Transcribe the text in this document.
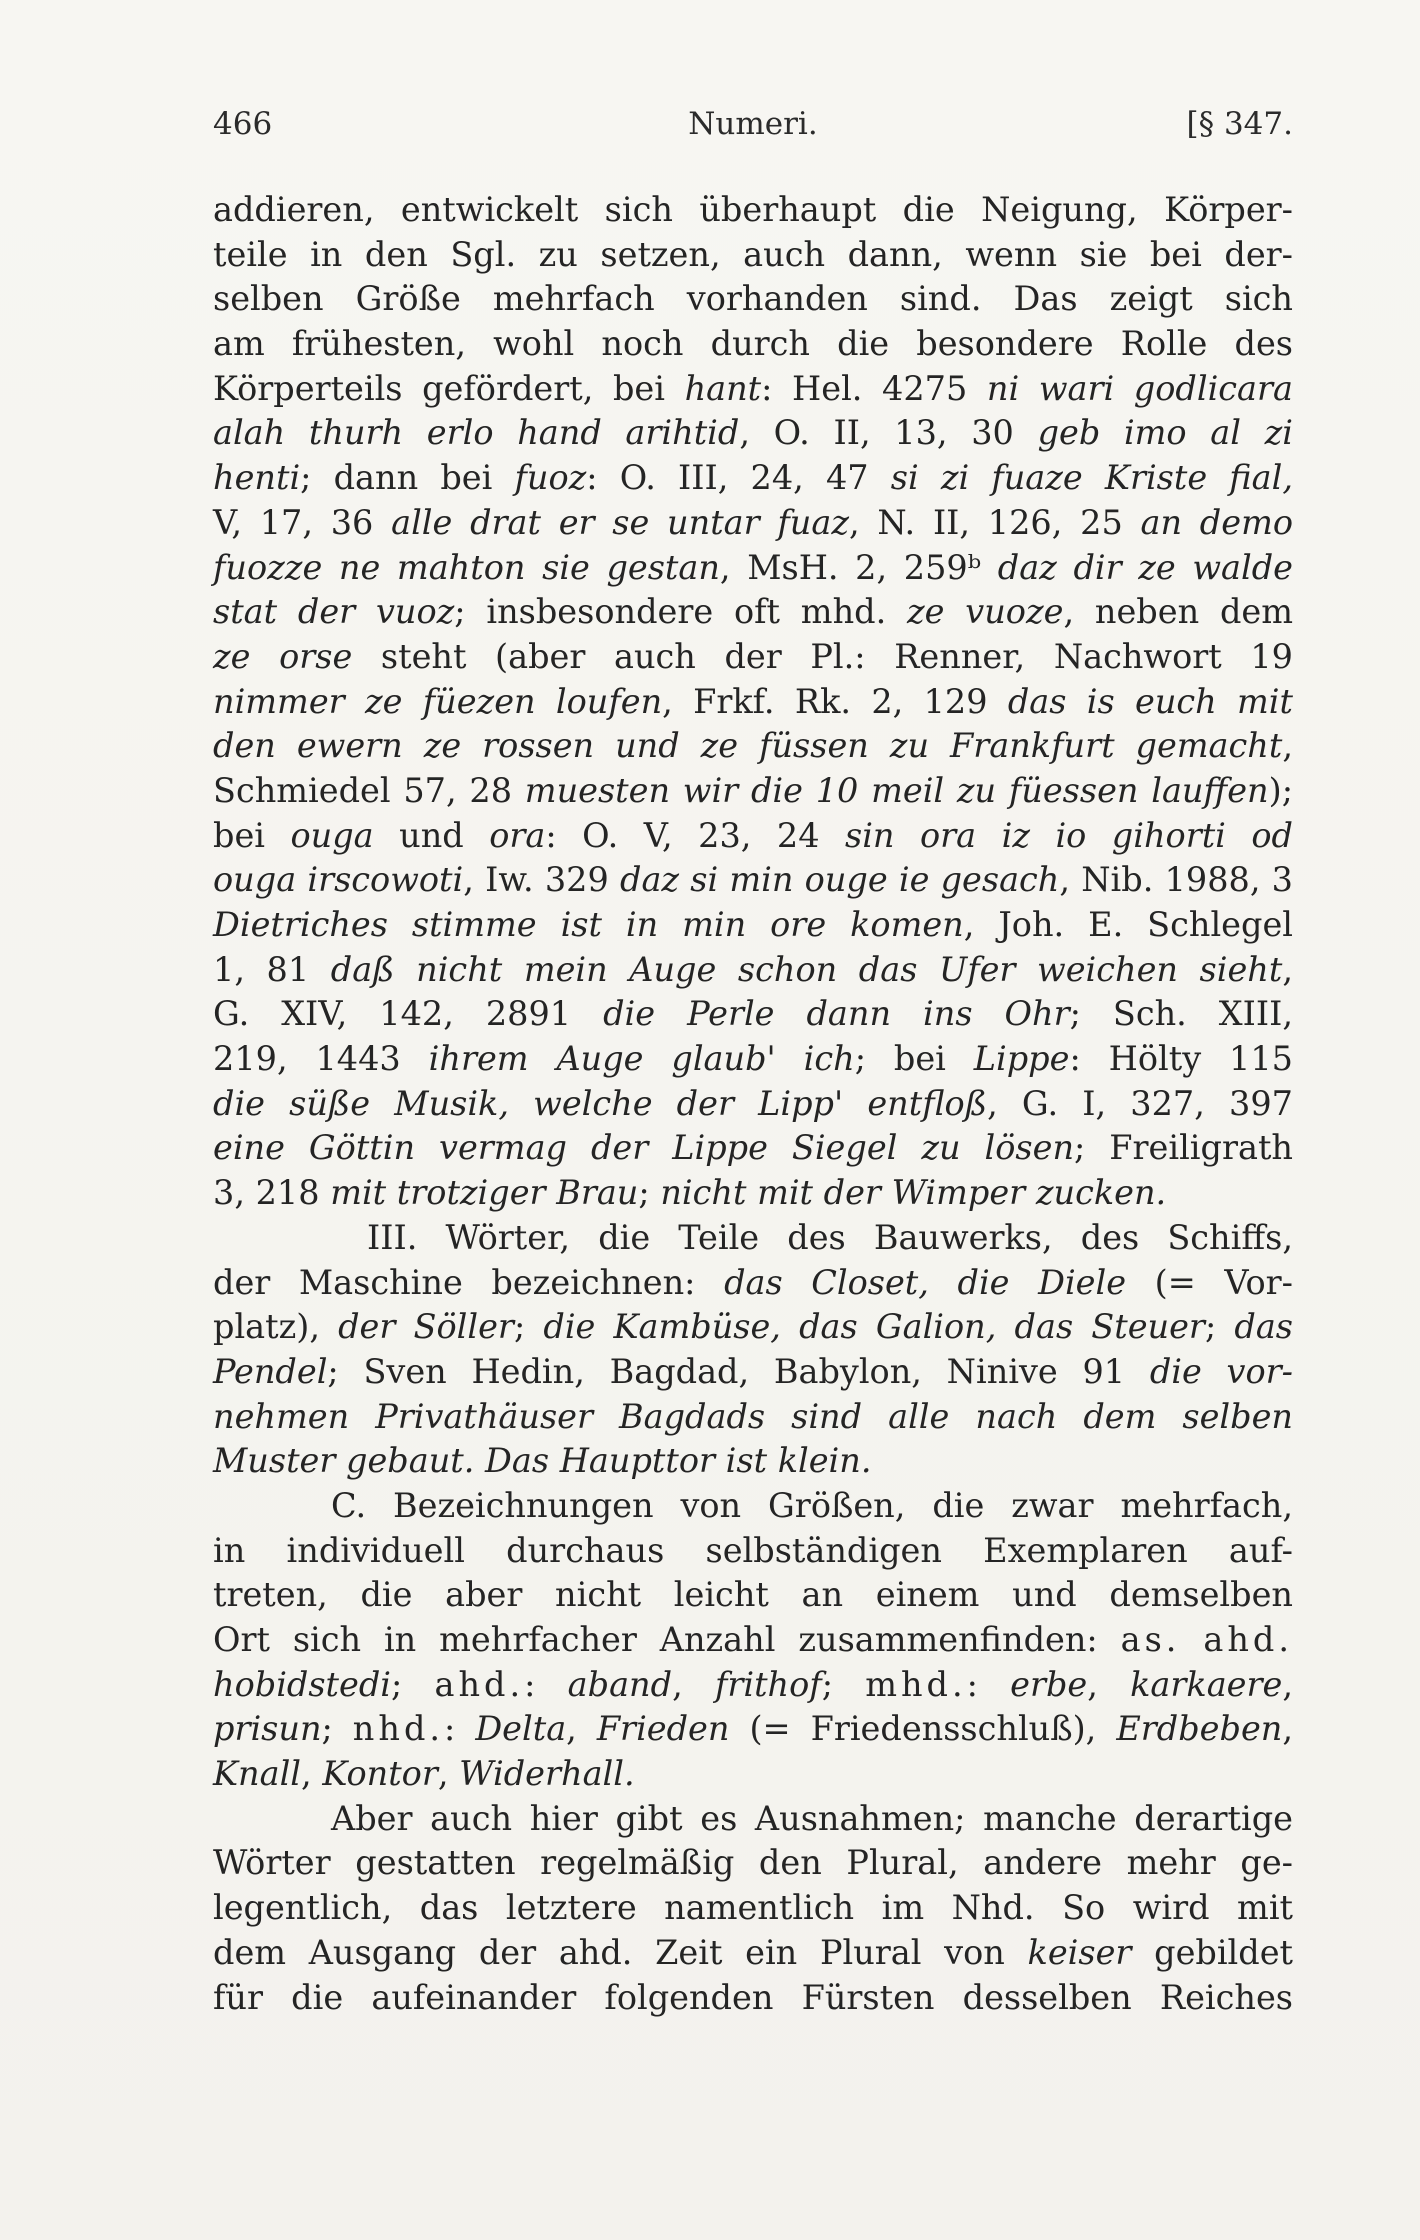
466	Numeri.	[§ 347.
addieren, entwickelt sich überhaupt die Neigung, Körper-
teile in den Sgl. zu setzen, auch dann, wenn sie bei der-
selben Größe mehrfach vorhanden sind. Das zeigt sich
am frühesten, wohl noch durch die besondere Rolle des
Körperteils gefördert, bei hant: Hel. 4275 ni wari godlicara
alah thurh erlo hand arihtid, O. II, 13, 30 geb imo al zi
henti; dann bei fuoz: O. III, 24, 47 si zi fuaze Kriste fial,
V, 17, 36 alle drat er se untar fuaz, N. II, 126, 25 an demo
fuozze ne mahton sie gestan, MsH. 2, 259ᵇ daz dir ze walde
stat der vuoz; insbesondere oft mhd. ze vuoze, neben dem
ze orse steht (aber auch der Pl.: Renner, Nachwort 19
nimmer ze füezen loufen, Frkf. Rk. 2, 129 das is euch mit
den ewern ze rossen und ze füssen zu Frankfurt gemacht,
Schmiedel 57, 28 muesten wir die 10 meil zu füessen lauffen);
bei ouga und ora: O. V, 23, 24 sin ora iz io gihorti od
ouga irscowoti, Iw. 329 daz si min ouge ie gesach, Nib. 1988, 3
Dietriches stimme ist in min ore komen, Joh. E. Schlegel
1, 81 daß nicht mein Auge schon das Ufer weichen sieht,
G. XIV, 142, 2891 die Perle dann ins Ohr; Sch. XIII,
219, 1443 ihrem Auge glaub' ich; bei Lippe: Hölty 115
die süße Musik, welche der Lipp' entfloß, G. I, 327, 397
eine Göttin vermag der Lippe Siegel zu lösen; Freiligrath
3, 218 mit trotziger Brau; nicht mit der Wimper zucken.
III. Wörter, die Teile des Bauwerks, des Schiffs,
der Maschine bezeichnen: das Closet, die Diele (= Vor-
platz), der Söller; die Kambüse, das Galion, das Steuer; das
Pendel; Sven Hedin, Bagdad, Babylon, Ninive 91 die vor-
nehmen Privathäuser Bagdads sind alle nach dem selben
Muster gebaut. Das Haupttor ist klein.
C. Bezeichnungen von Größen, die zwar mehrfach,
in individuell durchaus selbständigen Exemplaren auf-
treten, die aber nicht leicht an einem und demselben
Ort sich in mehrfacher Anzahl zusammenfinden: as. ahd.
hobidstedi; ahd.: aband, frithof; mhd.: erbe, karkaere,
prisun; nhd.: Delta, Frieden (= Friedensschluß), Erdbeben,
Knall, Kontor, Widerhall.
Aber auch hier gibt es Ausnahmen; manche derartige
Wörter gestatten regelmäßig den Plural, andere mehr ge-
legentlich, das letztere namentlich im Nhd. So wird mit
dem Ausgang der ahd. Zeit ein Plural von keiser gebildet
für die aufeinander folgenden Fürsten desselben Reiches
